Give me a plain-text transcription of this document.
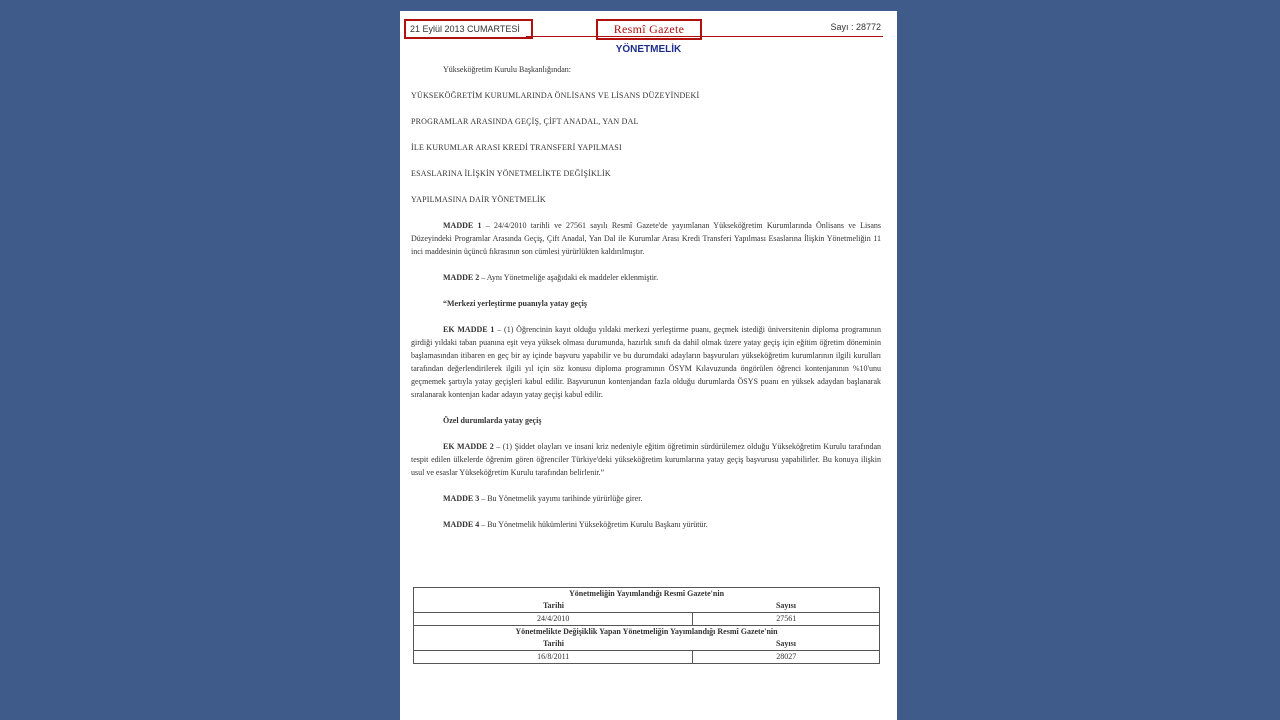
21 Eylül 2013 CUMARTESİ	Resmî Gazete	Sayı : 28772
YÖNETMELİK

Yükseköğretim Kurulu Başkanlığından:

YÜKSEKÖĞRETİM KURUMLARINDA ÖNLİSANS VE LİSANS DÜZEYİNDEKİ

PROGRAMLAR ARASINDA GEÇİŞ, ÇİFT ANADAL, YAN DAL

İLE KURUMLAR ARASI KREDİ TRANSFERİ YAPILMASI

ESASLARINA İLİŞKİN YÖNETMELİKTE DEĞİŞİKLİK

YAPILMASINA DAİR YÖNETMELİK

MADDE 1 – 24/4/2010 tarihli ve 27561 sayılı Resmî Gazete'de yayımlanan Yükseköğretim Kurumlarında Önlisans ve Lisans Düzeyindeki Programlar Arasında Geçiş, Çift Anadal, Yan Dal ile Kurumlar Arası Kredi Transferi Yapılması Esaslarına İlişkin Yönetmeliğin 11 inci maddesinin üçüncü fıkrasının son cümlesi yürürlükten kaldırılmıştır.

MADDE 2 – Aynı Yönetmeliğe aşağıdaki ek maddeler eklenmiştir.

“Merkezi yerleştirme puanıyla yatay geçiş

EK MADDE 1 – (1) Öğrencinin kayıt olduğu yıldaki merkezi yerleştirme puanı, geçmek istediği üniversitenin diploma programının girdiği yıldaki taban puanına eşit veya yüksek olması durumunda, hazırlık sınıfı da dahil olmak üzere yatay geçiş için eğitim öğretim döneminin başlamasından itibaren en geç bir ay içinde başvuru yapabilir ve bu durumdaki adayların başvuruları yükseköğretim kurumlarının ilgili kurulları tarafından değerlendirilerek ilgili yıl için söz konusu diploma programının ÖSYM Kılavuzunda öngörülen öğrenci kontenjanının %10'unu geçmemek şartıyla yatay geçişleri kabul edilir. Başvurunun kontenjandan fazla olduğu durumlarda ÖSYS puanı en yüksek adaydan başlanarak sıralanarak kontenjan kadar adayın yatay geçişi kabul edilir.

Özel durumlarda yatay geçiş

EK MADDE 2 – (1) Şiddet olayları ve insani kriz nedeniyle eğitim öğretimin sürdürülemez olduğu Yükseköğretim Kurulu tarafından tespit edilen ülkelerde öğrenim gören öğrenciler Türkiye'deki yükseköğretim kurumlarına yatay geçiş başvurusu yapabilirler. Bu konuya ilişkin usul ve esaslar Yükseköğretim Kurulu tarafından belirlenir.”

MADDE 3 – Bu Yönetmelik yayımı tarihinde yürürlüğe girer.

MADDE 4 – Bu Yönetmelik hükümlerini Yükseköğretim Kurulu Başkanı yürütür.

Yönetmeliğin Yayımlandığı Resmî Gazete'nin	
Tarihi	Sayısı
24/4/2010	27561
Yönetmelikte Değişiklik Yapan Yönetmeliğin Yayımlandığı Resmî Gazete'nin	
Tarihi	Sayısı
16/8/2011	28027
